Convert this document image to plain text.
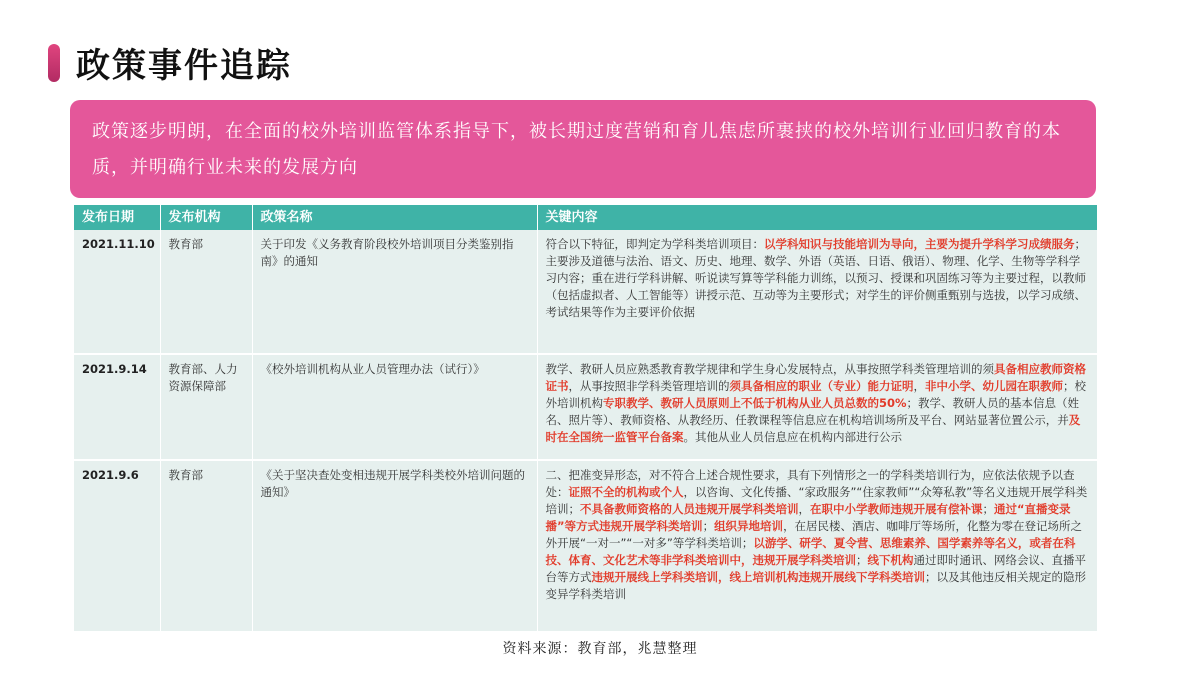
政策事件追踪
政策逐步明朗，在全面的校外培训监管体系指导下，被长期过度营销和育儿焦虑所裹挟的校外培训行业回归教育的本质，并明确行业未来的发展方向
发布日期	发布机构	政策名称	关键内容
2021.11.10	教育部	关于印发《义务教育阶段校外培训项目分类鉴别指南》的通知	符合以下特征，即判定为学科类培训项目：以学科知识与技能培训为导向，主要为提升学科学习成绩服务；主要涉及道德与法治、语文、历史、地理、数学、外语（英语、日语、俄语）、物理、化学、生物等学科学习内容；重在进行学科讲解、听说读写算等学科能力训练，以预习、授课和巩固练习等为主要过程，以教师（包括虚拟者、人工智能等）讲授示范、互动等为主要形式；对学生的评价侧重甄别与选拔，以学习成绩、考试结果等作为主要评价依据
2021.9.14	教育部、人力资源保障部	《校外培训机构从业人员管理办法（试行）》	教学、教研人员应熟悉教育教学规律和学生身心发展特点，从事按照学科类管理培训的须具备相应教师资格证书，从事按照非学科类管理培训的须具备相应的职业（专业）能力证明，非中小学、幼儿园在职教师；校外培训机构专职教学、教研人员原则上不低于机构从业人员总数的50%；教学、教研人员的基本信息（姓名、照片等）、教师资格、从教经历、任教课程等信息应在机构培训场所及平台、网站显著位置公示，并及时在全国统一监管平台备案。其他从业人员信息应在机构内部进行公示
2021.9.6	教育部	《关于坚决查处变相违规开展学科类校外培训问题的通知》	二、把准变异形态，对不符合上述合规性要求，具有下列情形之一的学科类培训行为，应依法依规予以查处：证照不全的机构或个人，以咨询、文化传播、“家政服务”“住家教师”“众筹私教”等名义违规开展学科类培训；不具备教师资格的人员违规开展学科类培训，在职中小学教师违规开展有偿补课；通过“直播变录播”等方式违规开展学科类培训；组织异地培训，在居民楼、酒店、咖啡厅等场所，化整为零在登记场所之外开展“一对一”“一对多”等学科类培训；以游学、研学、夏令营、思维素养、国学素养等名义，或者在科技、体育、文化艺术等非学科类培训中，违规开展学科类培训；线下机构通过即时通讯、网络会议、直播平台等方式违规开展线上学科类培训，线上培训机构违规开展线下学科类培训；以及其他违反相关规定的隐形变异学科类培训
资料来源：教育部，兆慧整理
